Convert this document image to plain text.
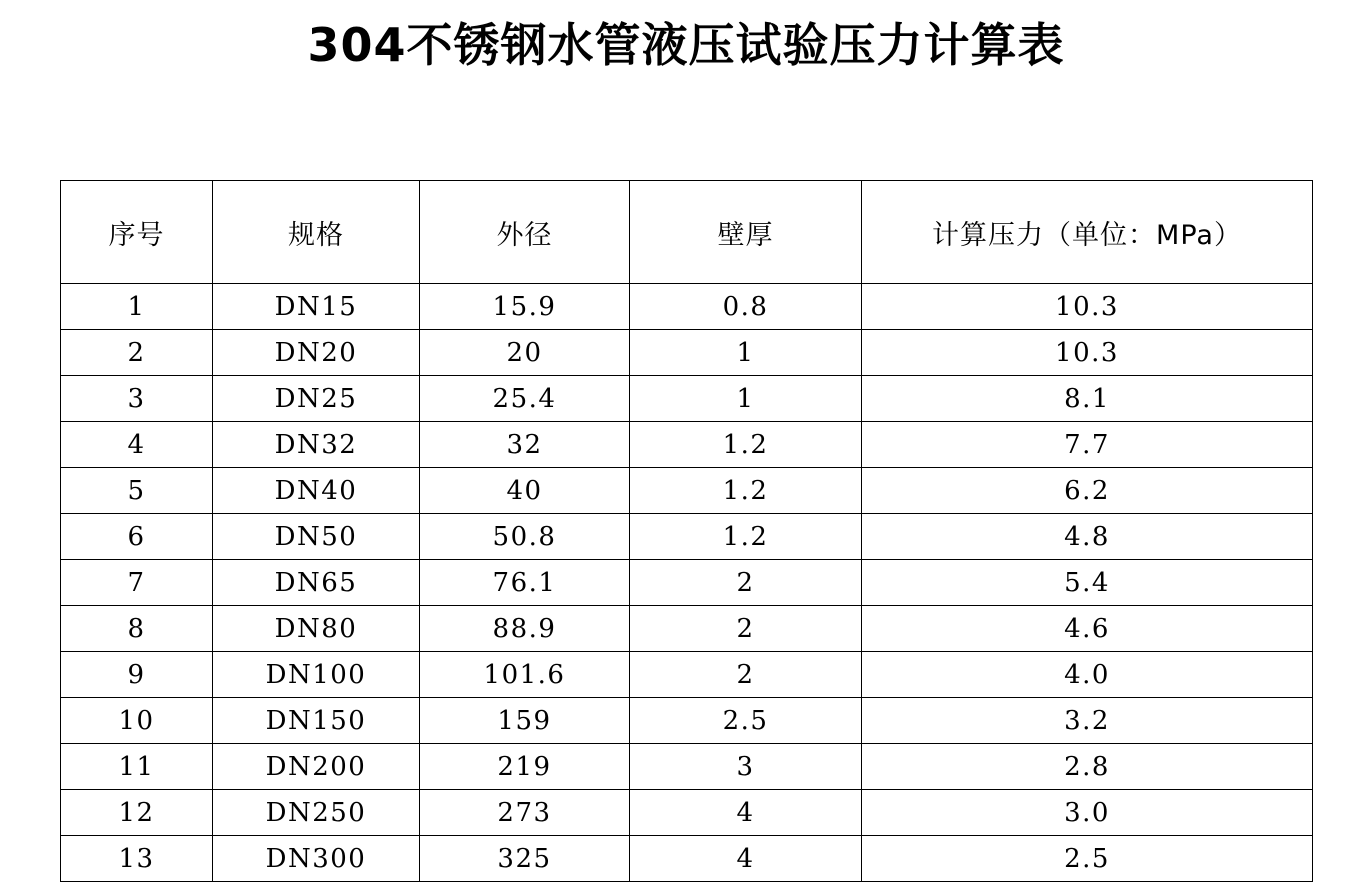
304不锈钢水管液压试验压力计算表
序号	规格	外径	壁厚	计算压力（单位：MPa）
1	DN15	15.9	0.8	10.3
2	DN20	20	1	10.3
3	DN25	25.4	1	8.1
4	DN32	32	1.2	7.7
5	DN40	40	1.2	6.2
6	DN50	50.8	1.2	4.8
7	DN65	76.1	2	5.4
8	DN80	88.9	2	4.6
9	DN100	101.6	2	4.0
10	DN150	159	2.5	3.2
11	DN200	219	3	2.8
12	DN250	273	4	3.0
13	DN300	325	4	2.5
